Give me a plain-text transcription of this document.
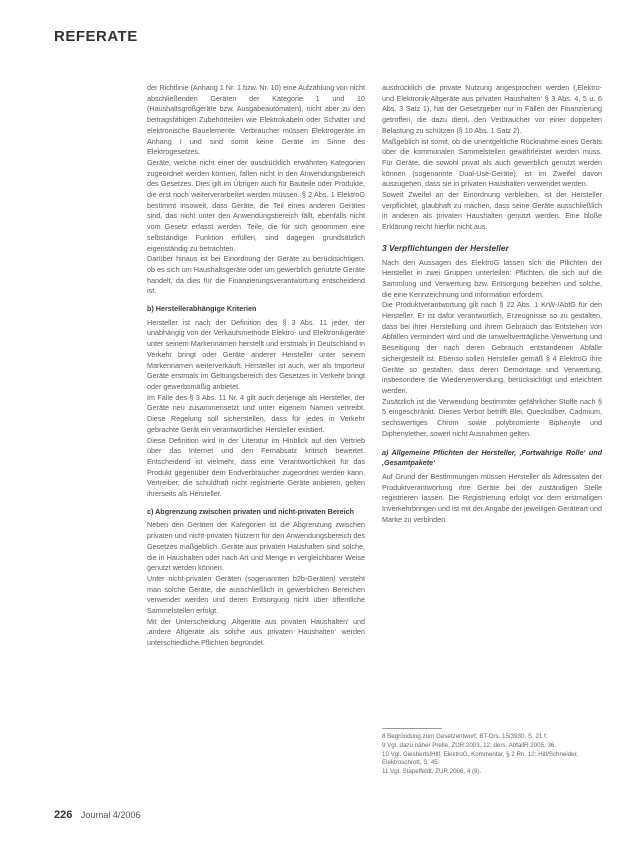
REFERATE

der Richtlinie (Anhang 1 Nr. 1 bzw. Nr. 10) eine Aufzählung von nicht abschließenden Geräten der Kategorie 1 und 10 (Haushaltsgroßgeräte bzw. Ausgabeautomaten), nicht aber zu den beitragsfähigen Zubehörteilen wie Elektrokabeln oder Schalter und elektronische Bauelemente. Verbraucher müssen Elektrogeräte im Anhang I und sind somit keine Geräte im Sinne des Elektrogesetzes.

Geräte, welche nicht einer der ausdrücklich erwähnten Kategorien zugeordnet werden können, fallen nicht in den Anwendungsbereich des Gesetzes. Dies gilt im Übrigen auch für Bauteile oder Produkte, die erst noch weiterverarbeitet werden müssen. § 2 Abs. 1 ElektroG bestimmt insoweit, dass Geräte, die Teil eines anderen Gerätes sind, das nicht unter den Anwendungsbereich fällt, ebenfalls nicht vom Gesetz erfasst werden. Teile, die für sich genommen eine selbständige Funktion erfüllen, sind dagegen grundsätzlich eigenständig zu betrachten.

Darüber hinaus ist bei Einordnung der Geräte zu berücksichtigen, ob es sich um Haushaltsgeräte oder um gewerblich genutzte Geräte handelt, da dies für die Finanzierungsverantwortung entscheidend ist.

b) Herstellerabhängige Kriterien

Hersteller ist nach der Definition des § 3 Abs. 11 jeder, der unabhängig von der Verkaufsmethode Elektro- und Elektronikgeräte unter seinem Markennamen herstellt und erstmals in Deutschland in Verkehr bringt oder Geräte anderer Hersteller unter seinem Markennamen weiterverkauft. Hersteller ist auch, wer als Importeur Geräte erstmals im Geltungsbereich des Gesetzes in Verkehr bringt oder gewerbsmäßig anbietet.

Im Falle des § 3 Abs. 11 Nr. 4 gilt auch derjenige als Hersteller, der Geräte neu zusammensetzt und unter eigenem Namen vertreibt. Diese Regelung soll sicherstellen, dass für jedes in Verkehr gebrachte Gerät ein verantwortlicher Hersteller existiert.

Diese Definition wird in der Literatur im Hinblick auf den Vertrieb über das Internet und den Fernabsatz kritisch bewertet. Entscheidend ist vielmehr, dass eine Verantwortlichkeit für das Produkt gegenüber dem Endverbraucher zugeordnet werden kann. Vertreiber, die schuldhaft nicht registrierte Geräte anbieten, gelten ihrerseits als Hersteller.

c) Abgrenzung zwischen privaten und nicht-privaten Bereich

Neben den Geräten der Kategorien ist die Abgrenzung zwischen privaten und nicht-privaten Nutzern für den Anwendungsbereich des Gesetzes maßgeblich. Geräte aus privaten Haushalten sind solche, die in Haushalten oder nach Art und Menge in vergleichbarer Weise genutzt werden können.

Unter nicht-privaten Geräten (sogenannten b2b-Geräten) versteht man solche Geräte, die ausschließlich in gewerblichen Bereichen verwendet werden und deren Entsorgung nicht über öffentliche Sammelstellen erfolgt.

Mit der Unterscheidung ‚Altgeräte aus privaten Haushalten‘ und ‚andere Altgeräte als solche aus privaten Haushalten‘ werden unterschiedliche Pflichten begründet.

ausdrücklich die private Nutzung angesprochen werden (‚Elektro- und Elektronik-Altgeräte aus privaten Haushalten‘ § 3 Abs. 4, 5 u. 6 Abs. 3 Satz 1), hat der Gesetzgeber nur in Fällen der Finanzierung getroffen, die dazu dient, den Verbraucher vor einer doppelten Belastung zu schützen (§ 10 Abs. 1 Satz 2).

Maßgeblich ist somit, ob die unentgeltliche Rücknahme eines Geräts über die kommunalen Sammelstellen gewährleistet werden muss. Für Geräte, die sowohl privat als auch gewerblich genutzt werden können (sogenannte Dual-Use-Geräte), ist im Zweifel davon auszugehen, dass sie in privaten Haushalten verwendet werden.

Soweit Zweifel an der Einordnung verbleiben, ist der Hersteller verpflichtet, glaubhaft zu machen, dass seine Geräte ausschließlich in anderen als privaten Haushalten genutzt werden. Eine bloße Erklärung reicht hierfür nicht aus.

3 Verpflichtungen der Hersteller

Nach den Aussagen des ElektroG lassen sich die Pflichten der Hersteller in zwei Gruppen unterteilen: Pflichten, die sich auf die Sammlung und Verwertung bzw. Entsorgung beziehen und solche, die eine Kennzeichnung und Information erfordern.

Die Produktverantwortung gilt nach § 22 Abs. 1 KrW-/AbfG für den Hersteller. Er ist dafür verantwortlich, Erzeugnisse so zu gestalten, dass bei ihrer Herstellung und ihrem Gebrauch das Entstehen von Abfällen vermindert wird und die umweltverträgliche Verwertung und Beseitigung der nach deren Gebrauch entstandenen Abfälle sichergestellt ist. Ebenso sollen Hersteller gemäß § 4 ElektroG ihre Geräte so gestalten, dass deren Demontage und Verwertung, insbesondere die Wiederverwendung, berücksichtigt und erleichtert werden.

Zusätzlich ist die Verwendung bestimmter gefährlicher Stoffe nach § 5 eingeschränkt. Dieses Verbot betrifft Blei, Quecksilber, Cadmium, sechswertiges Chrom sowie polybromierte Biphenyle und Diphenylether, soweit nicht Ausnahmen gelten.

a) Allgemeine Pflichten der Hersteller, ‚Fortwährige Rolle‘ und ‚Gesamtpakete‘

Auf Grund der Bestimmungen müssen Hersteller als Adressaten der Produktverantwortung ihre Geräte bei der zuständigen Stelle registrieren lassen. Die Registrierung erfolgt vor dem erstmaligen Inverkehrbringen und ist mit der Angabe der jeweiligen Geräteart und Marke zu verbinden.

8 Begründung zum Gesetzentwurf, BT-Drs. 15/3930, S. 21 f.
9 Vgl. dazu näher Prelle, ZUR 2003, 12; ders. AbfallR 2005, 36.
10 Vgl. Giesberts/Hilf, ElektroG, Kommentar, § 2 Rn. 12; Hilf/Schneider, Elektroschrott, S. 45.
11 Vgl. Stapelfeldt, ZUR 2006, 4 (8).
226 Journal 4/2006
